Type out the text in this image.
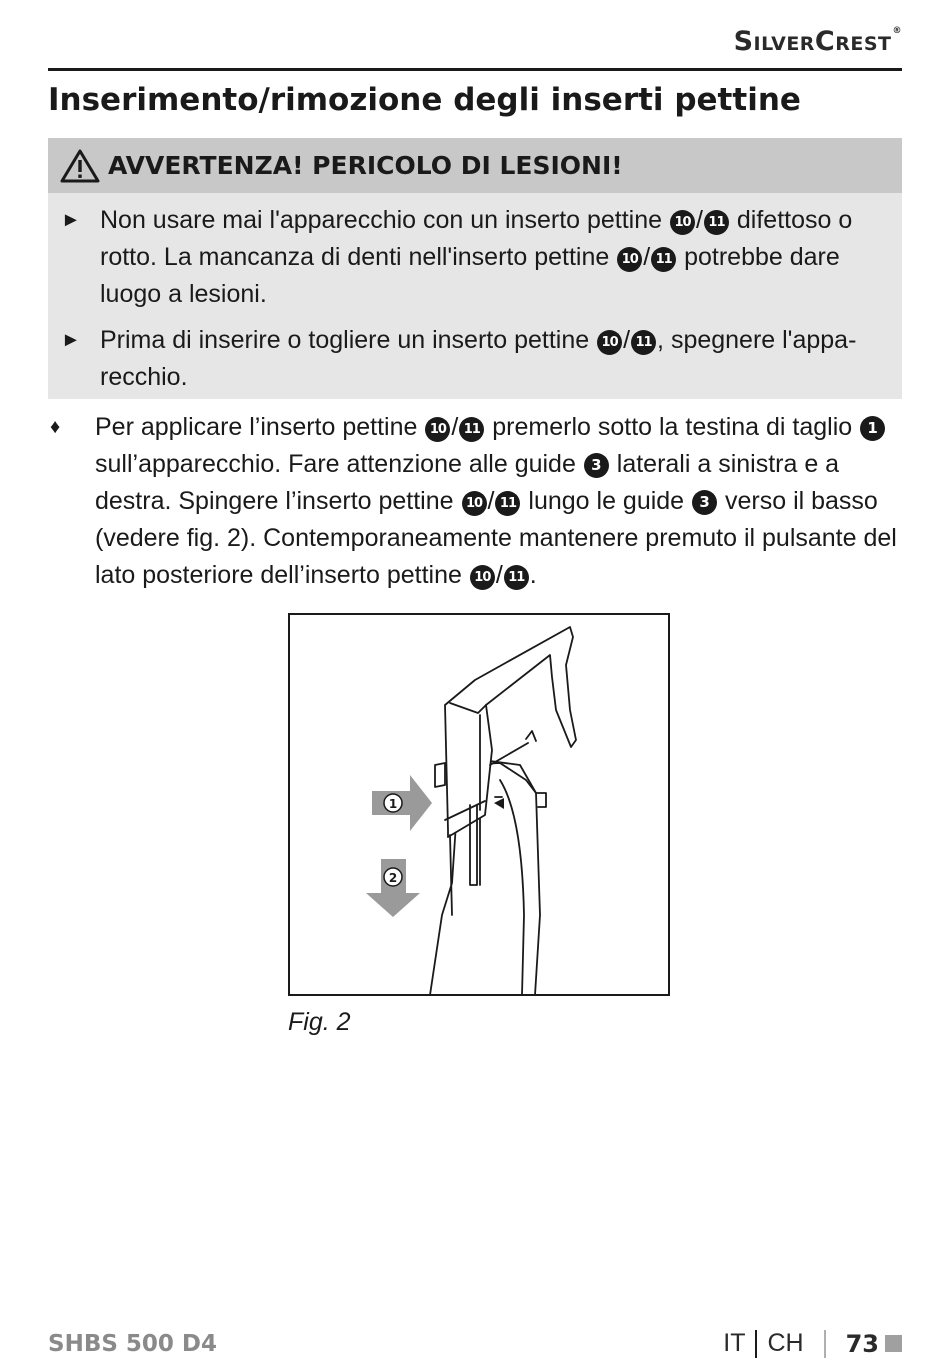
SilverCrest®
Inserimento/rimozione degli inserti pettine
AVVERTENZA! PERICOLO DI LESIONI!
► Non usare mai l'apparecchio con un inserto pettine 10 / 11 difettoso o rotto. La mancanza di denti nell'inserto pettine 10 / 11 potrebbe dare luogo a lesioni.
► Prima di inserire o togliere un inserto pettine 10 / 11 , spegnere l'apparecchio.
♦ Per applicare l’inserto pettine 10 / 11 premerlo sotto la testina di taglio 1 sull’apparecchio. Fare attenzione alle guide 3 laterali a sinistra e a destra. Spingere l’inserto pettine 10 / 11 lungo le guide 3 verso il basso (vedere fig. 2). Contemporaneamente mantenere premuto il pulsante del lato posteriore dell’inserto pettine 10 / 11 .
1
2
Fig. 2
SHBS 500 D4	IT CH 73
